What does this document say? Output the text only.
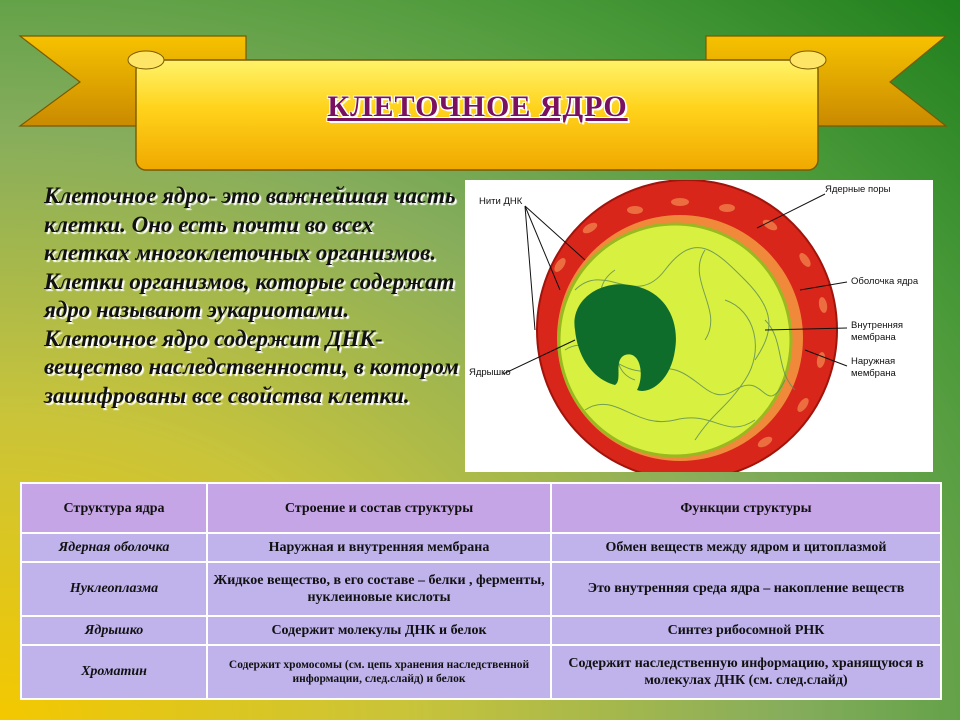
КЛЕТОЧНОЕ ЯДРО
Клеточное ядро- это важнейшая часть клетки. Оно есть почти во всех клетках многоклеточных организмов. Клетки организмов, которые содержат ядро называют эукариотами. Клеточное ядро содержит ДНК- вещество наследственности, в котором зашифрованы все свойства клетки.
Нити ДНК
Ядерные поры
Оболочка ядра
Внутренняя
мембрана
Наружная
мембрана
Ядрышко
Структура ядра	Строение и состав структуры	Функции структуры
Ядерная оболочка	Наружная и внутренняя мембрана	Обмен веществ между ядром и цитоплазмой
Нуклеоплазма	Жидкое вещество, в его составе – белки , ферменты, нуклеиновые кислоты	Это внутренняя среда ядра – накопление веществ
Ядрышко	Содержит молекулы ДНК и белок	Синтез рибосомной РНК
Хроматин	Содержит хромосомы (см. цепь хранения наследственной информации, след.слайд) и белок	Содержит наследственную информацию, хранящуюся в молекулах ДНК (см. след.слайд)
